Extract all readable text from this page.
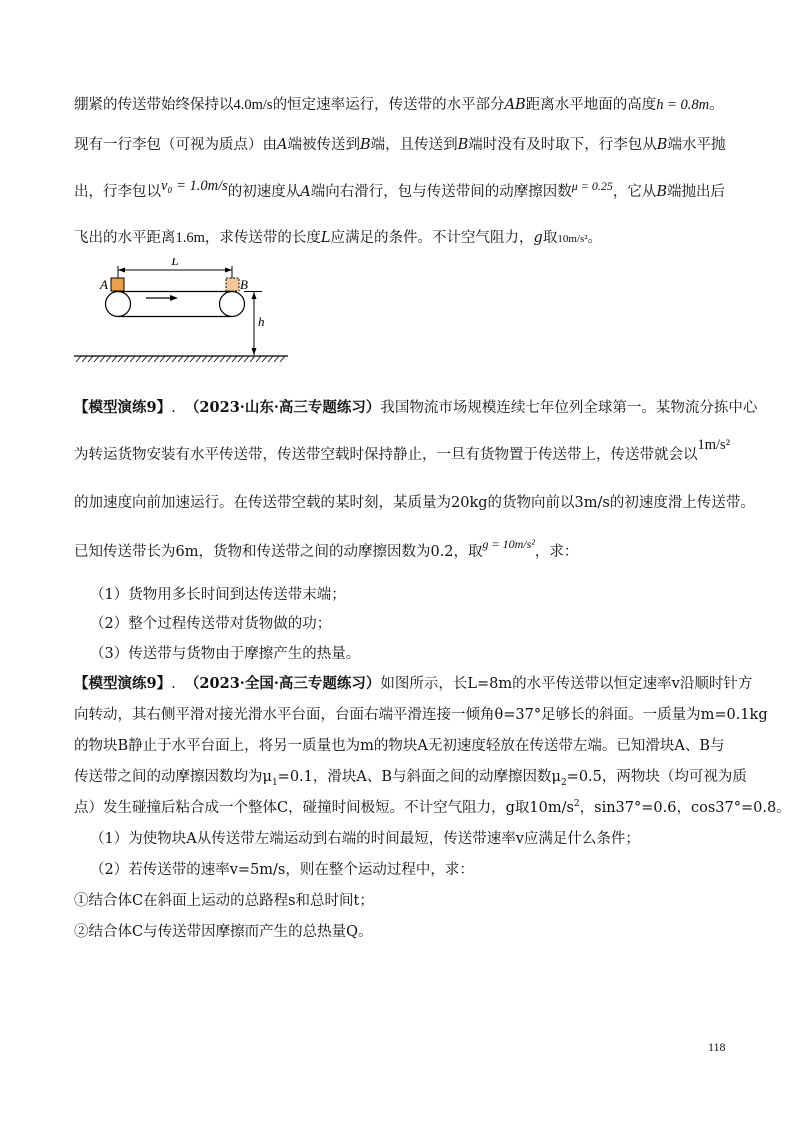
绷紧的传送带始终保持以4.0m/s的恒定速率运行，传送带的水平部分AB距离水平地面的高度h = 0.8m。
现有一行李包（可视为质点）由A端被传送到B端，且传送到B端时没有及时取下，行李包从B端水平抛
出，行李包以v₀ = 1.0m/s的初速度从A端向右滑行，包与传送带间的动摩擦因数$^{\mu = 0.25}$，它从B端抛出后
飞出的水平距离1.6m，求传送带的长度L应满足的条件。不计空气阻力，g取10m/s²。
L
A	B
h
【模型演练9】. （2023·山东·高三专题练习）我国物流市场规模连续七年位列全球第一。某物流分拣中心
为转运货物安装有水平传送带，传送带空载时保持静止，一旦有货物置于传送带上，传送带就会以1m/s²
的加速度向前加速运行。在传送带空载的某时刻，某质量为20kg的货物向前以3m/s的初速度滑上传送带。
已知传送带长为6m，货物和传送带之间的动摩擦因数为0.2，取$^{g = 10m/s^2}$，求：
（1）货物用多长时间到达传送带末端；
（2）整个过程传送带对货物做的功；
（3）传送带与货物由于摩擦产生的热量。
【模型演练9】. （2023·全国·高三专题练习）如图所示，长L=8m的水平传送带以恒定速率v沿顺时针方
向转动，其右侧平滑对接光滑水平台面，台面右端平滑连接一倾角θ=37°足够长的斜面。一质量为m=0.1kg
的物块B静止于水平台面上，将另一质量也为m的物块A无初速度轻放在传送带左端。已知滑块A、B与
传送带之间的动摩擦因数均为$\mu_1=0.1$，滑块A、B与斜面之间的动摩擦因数$\mu_2=0.5$，两物块（均可视为质
点）发生碰撞后粘合成一个整体C，碰撞时间极短。不计空气阻力，g取$10m/s^2$，sin37°=0.6，cos37°=0.8。
（1）为使物块A从传送带左端运动到右端的时间最短，传送带速率v应满足什么条件；
（2）若传送带的速率v=5m/s，则在整个运动过程中，求：
①结合体C在斜面上运动的总路程s和总时间t；
②结合体C与传送带因摩擦而产生的总热量Q。
118
